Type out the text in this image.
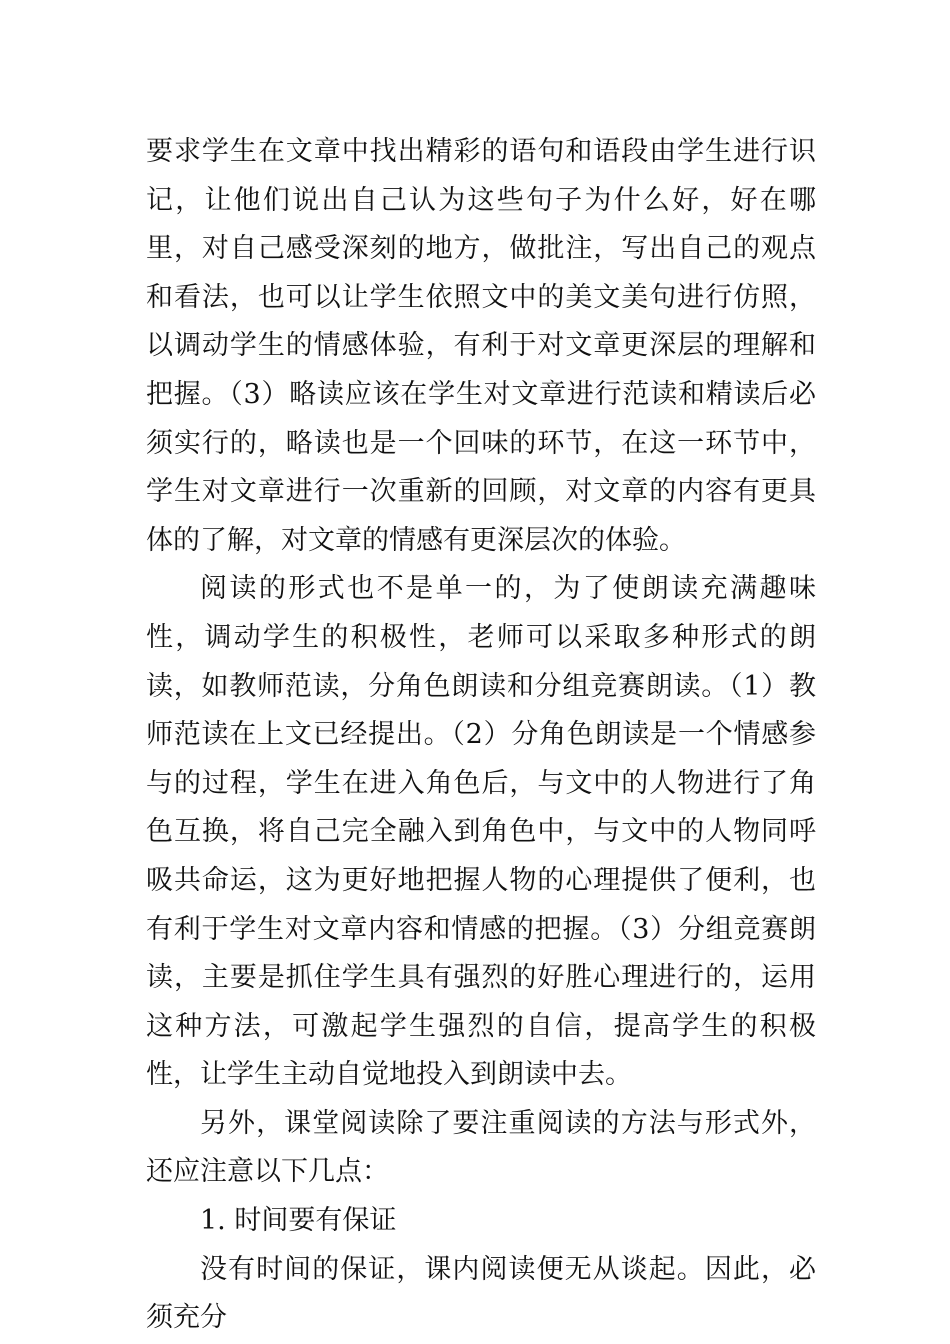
要求学生在文章中找出精彩的语句和语段由学生进行识记，让他们说出自己认为这些句子为什么好，好在哪里，对自己感受深刻的地方，做批注，写出自己的观点和看法，也可以让学生依照文中的美文美句进行仿照，以调动学生的情感体验，有利于对文章更深层的理解和把握。（3）略读应该在学生对文章进行范读和精读后必须实行的，略读也是一个回味的环节，在这一环节中，学生对文章进行一次重新的回顾，对文章的内容有更具体的了解，对文章的情感有更深层次的体验。

阅读的形式也不是单一的，为了使朗读充满趣味性，调动学生的积极性，老师可以采取多种形式的朗读，如教师范读，分角色朗读和分组竞赛朗读。（1）教师范读在上文已经提出。（2）分角色朗读是一个情感参与的过程，学生在进入角色后，与文中的人物进行了角色互换，将自己完全融入到角色中，与文中的人物同呼吸共命运，这为更好地把握人物的心理提供了便利，也有利于学生对文章内容和情感的把握。（3）分组竞赛朗读，主要是抓住学生具有强烈的好胜心理进行的，运用这种方法，可激起学生强烈的自信，提高学生的积极性，让学生主动自觉地投入到朗读中去。

另外，课堂阅读除了要注重阅读的方法与形式外，还应注意以下几点：

1. 时间要有保证

没有时间的保证，课内阅读便无从谈起。因此，必须充分
